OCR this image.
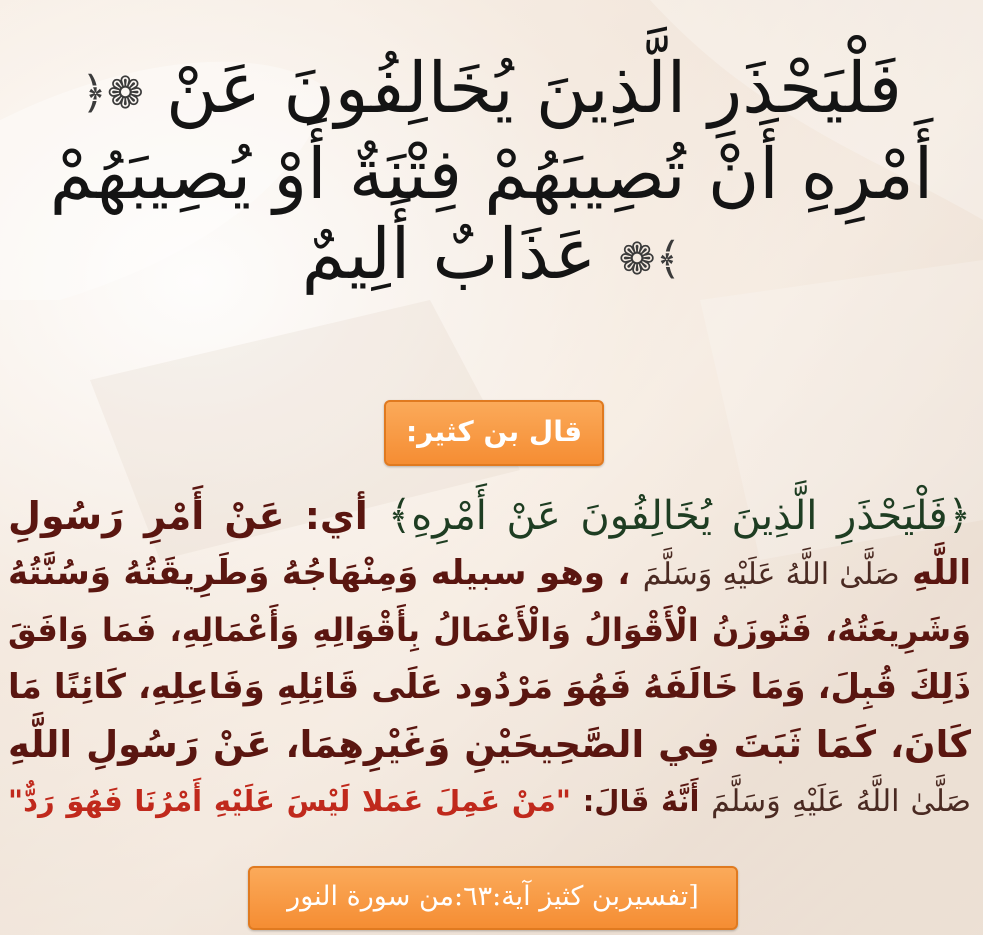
فَلْيَحْذَرِ الَّذِينَ يُخَالِفُونَ عَنْ ❁﴿
أَمْرِهِ أَنْ تُصِيبَهُمْ فِتْنَةٌ أَوْ يُصِيبَهُمْ
﴾❁ عَذَابٌ أَلِيمٌ
قال بن كثير:
﴿فَلْيَحْذَرِ الَّذِينَ يُخَالِفُونَ عَنْ أَمْرِهِ﴾ أي: عَنْ أَمْرِ رَسُولِ
اللَّهِ صَلَّىٰ اللَّهُ عَلَيْهِ وَسَلَّمَ ، وهو سبيله وَمِنْهَاجُهُ وَطَرِيقَتُهُ وَسُنَّتُهُ
وَشَرِيعَتُهُ، فَتُوزَنُ الْأَقْوَالُ وَالْأَعْمَالُ بِأَقْوَالِهِ وَأَعْمَالِهِ، فَمَا وَافَقَ
ذَلِكَ قُبِلَ، وَمَا خَالَفَهُ فَهُوَ مَرْدُود عَلَى قَائِلِهِ وَفَاعِلِهِ، كَائِنًا مَا
كَانَ، كَمَا ثَبَتَ فِي الصَّحِيحَيْنِ وَغَيْرِهِمَا، عَنْ رَسُولِ اللَّهِ
صَلَّىٰ اللَّهُ عَلَيْهِ وَسَلَّمَ أَنَّهُ قَالَ: "مَنْ عَمِلَ عَمَلا لَيْسَ عَلَيْهِ أَمْرُنَا فَهُوَ رَدٌّ"
[تفسيربن كثيز آية:٦٣:من سورة النور
